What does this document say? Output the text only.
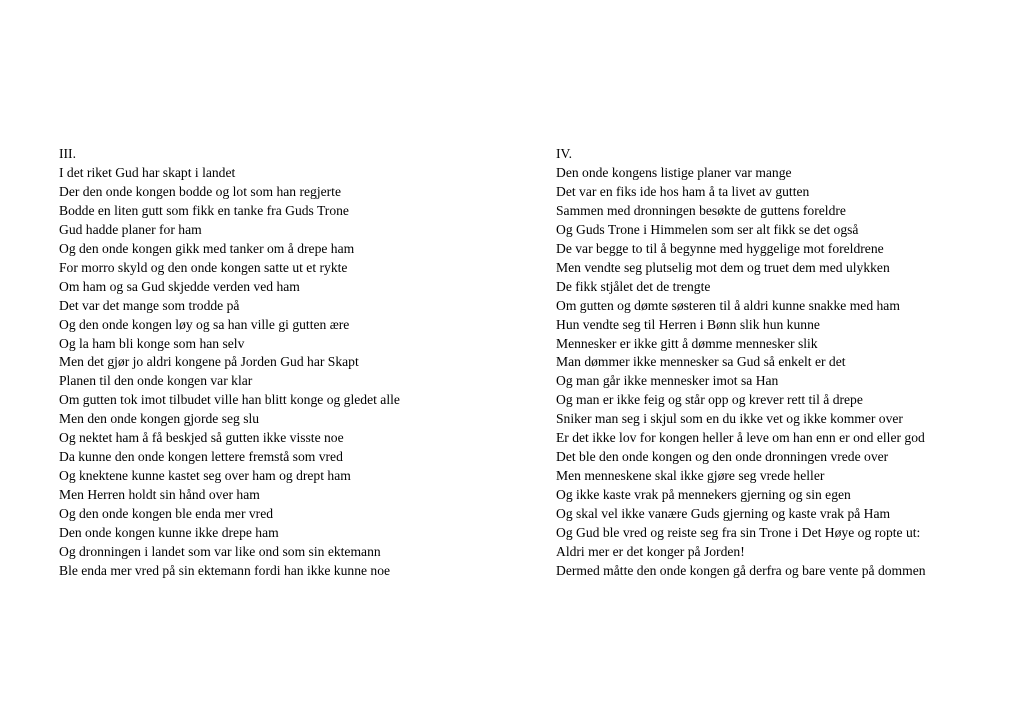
III.
I det riket Gud har skapt i landet
Der den onde kongen bodde og lot som han regjerte
Bodde en liten gutt som fikk en tanke fra Guds Trone
Gud hadde planer for ham
Og den onde kongen gikk med tanker om å drepe ham
For morro skyld og den onde kongen satte ut et rykte
Om ham og sa Gud skjedde verden ved ham
Det var det mange som trodde på
Og den onde kongen løy og sa han ville gi gutten ære
Og la ham bli konge som han selv
Men det gjør jo aldri kongene på Jorden Gud har Skapt
Planen til den onde kongen var klar
Om gutten tok imot tilbudet ville han blitt konge og gledet alle
Men den onde kongen gjorde seg slu
Og nektet ham å få beskjed så gutten ikke visste noe
Da kunne den onde kongen lettere fremstå som vred
Og knektene kunne kastet seg over ham og drept ham
Men Herren holdt sin hånd over ham
Og den onde kongen ble enda mer vred
Den onde kongen kunne ikke drepe ham
Og dronningen i landet som var like ond som sin ektemann
Ble enda mer vred på sin ektemann fordi han ikke kunne noe
IV.
Den onde kongens listige planer var mange
Det var en fiks ide hos ham å ta livet av gutten
Sammen med dronningen besøkte de guttens foreldre
Og Guds Trone i Himmelen som ser alt fikk se det også
De var begge to til å begynne med hyggelige mot foreldrene
Men vendte seg plutselig mot dem og truet dem med ulykken
De fikk stjålet det de trengte
Om gutten og dømte søsteren til å aldri kunne snakke med ham
Hun vendte seg til Herren i Bønn slik hun kunne
Mennesker er ikke gitt å dømme mennesker slik
Man dømmer ikke mennesker sa Gud så enkelt er det
Og man går ikke mennesker imot sa Han
Og man er ikke feig og står opp og krever rett til å drepe
Sniker man seg i skjul som en du ikke vet og ikke kommer over
Er det ikke lov for kongen heller å leve om han enn er ond eller god
Det ble den onde kongen og den onde dronningen vrede over
Men menneskene skal ikke gjøre seg vrede heller
Og ikke kaste vrak på mennekers gjerning og sin egen
Og skal vel ikke vanære Guds gjerning og kaste vrak på Ham
Og Gud ble vred og reiste seg fra sin Trone i Det Høye og ropte ut:
Aldri mer er det konger på Jorden!
Dermed måtte den onde kongen gå derfra og bare vente på dommen
